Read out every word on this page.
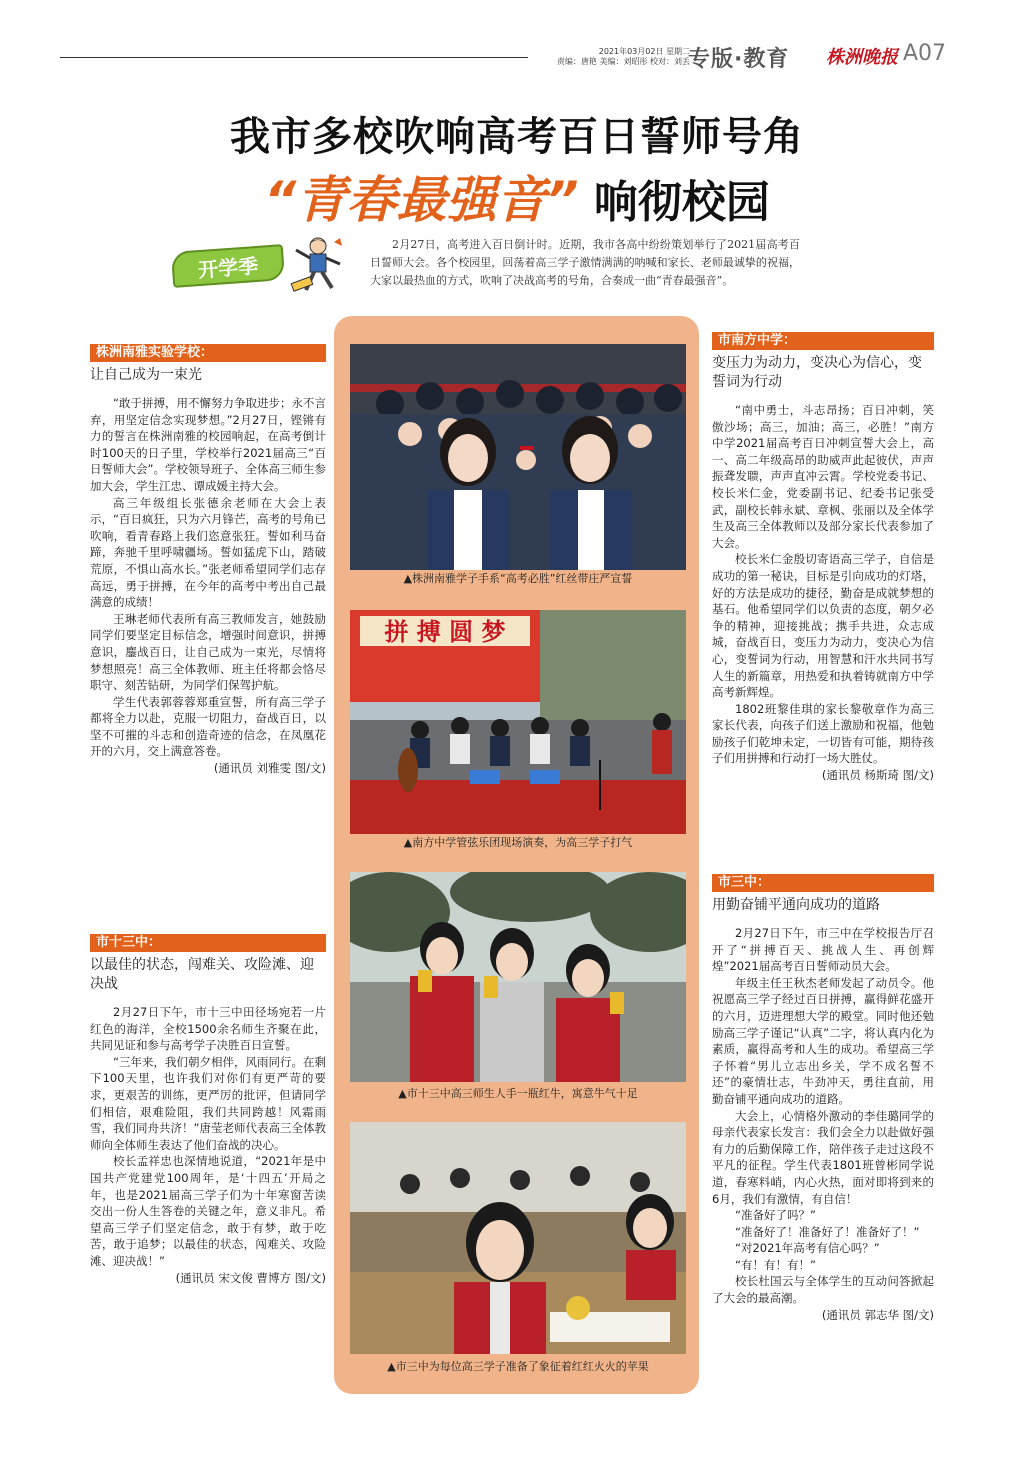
2021年03月02日 星期二
责编：唐艳 美编：刘昭彤 校对：刘丢
专版·教育 株洲晚报 A07
我市多校吹响高考百日誓师号角
“青春最强音” 响彻校园
开学季
2月27日，高考进入百日倒计时。近期，我市各高中纷纷策划举行了2021届高考百日誓师大会。各个校园里，回荡着高三学子激情满满的呐喊和家长、老师最诚挚的祝福，大家以最热血的方式，吹响了决战高考的号角，合奏成一曲“青春最强音”。
株洲南雅实验学校：
让自己成为一束光

“敢于拼搏，用不懈努力争取进步；永不言弃，用坚定信念实现梦想。”2月27日，铿锵有力的誓言在株洲南雅的校园响起，在高考倒计时100天的日子里，学校举行2021届高三“百日誓师大会”。学校领导班子、全体高三师生参加大会，学生江忠、谭成媛主持大会。

高三年级组长张德余老师在大会上表示，“百日疯狂，只为六月锋芒，高考的号角已吹响，看青春路上我们恣意张狂。誓如利马奋蹄，奔驰千里呼啸疆场。誓如猛虎下山，踏破荒原，不惧山高水长。”张老师希望同学们志存高远，勇于拼搏，在今年的高考中考出自己最满意的成绩！

王琳老师代表所有高三教师发言，她鼓励同学们要坚定目标信念，增强时间意识，拼搏意识，鏖战百日，让自己成为一束光，尽情将梦想照亮！高三全体教师、班主任将都会恪尽职守、刻苦钻研，为同学们保驾护航。

学生代表郭蓉蓉郑重宣誓，所有高三学子都将全力以赴，克服一切阻力，奋战百日，以坚不可摧的斗志和创造奇迹的信念，在凤凰花开的六月，交上满意答卷。

(通讯员 刘雅雯 图/文)

市十三中：
以最佳的状态，闯难关、攻险滩、迎决战

2月27日下午，市十三中田径场宛若一片红色的海洋，全校1500余名师生齐聚在此，共同见证和参与高考学子决胜百日宣誓。

“三年来，我们朝夕相伴，风雨同行。在剩下100天里，也许我们对你们有更严苛的要求，更艰苦的训练，更严厉的批评，但请同学们相信，艰难险阻，我们共同跨越！风霜雨雪，我们同舟共济！”唐莹老师代表高三全体教师向全体师生表达了他们奋战的决心。

校长孟祥忠也深情地说道，“2021年是中国共产党建党100周年，是‘十四五’开局之年，也是2021届高三学子们为十年寒窗苦读交出一份人生答卷的关键之年，意义非凡。希望高三学子们坚定信念，敢于有梦，敢于吃苦，敢于追梦；以最佳的状态，闯难关、攻险滩、迎决战！”

(通讯员 宋文俊 曹博方 图/文)

▲株洲南雅学子手系“高考必胜”红丝带庄严宣誓
拼 搏 圆 梦
▲南方中学管弦乐团现场演奏，为高三学子打气
▲市十三中高三师生人手一瓶红牛，寓意牛气十足
▲市三中为每位高三学子准备了象征着红红火火的苹果
市南方中学：
变压力为动力，变决心为信心，变誓词为行动

“南中勇士，斗志昂扬；百日冲刺，笑傲沙场；高三，加油；高三，必胜！”南方中学2021届高考百日冲刺宣誓大会上，高一、高二年级高昂的助威声此起彼伏，声声振聋发聩，声声直冲云霄。学校党委书记、校长米仁金，党委副书记、纪委书记张受武，副校长韩永斌、章枫、张丽以及全体学生及高三全体教师以及部分家长代表参加了大会。

校长米仁金殷切寄语高三学子，自信是成功的第一秘诀，目标是引向成功的灯塔，好的方法是成功的捷径，勤奋是成就梦想的基石。他希望同学们以负责的态度，朝夕必争的精神，迎接挑战；携手共进，众志成城，奋战百日，变压力为动力，变决心为信心，变誓词为行动，用智慧和汗水共同书写人生的新篇章，用热爱和执着铸就南方中学高考新辉煌。

1802班黎佳琪的家长黎敬章作为高三家长代表，向孩子们送上激励和祝福，他勉励孩子们乾坤未定，一切皆有可能，期待孩子们用拼搏和行动打一场大胜仗。

(通讯员 杨斯琦 图/文)

市三中：
用勤奋铺平通向成功的道路

2月27日下午，市三中在学校报告厅召开了“拼搏百天、挑战人生、再创辉煌”2021届高考百日誓师动员大会。

年级主任王秋杰老师发起了动员令。他祝愿高三学子经过百日拼搏，赢得鲜花盛开的六月，迈进理想大学的殿堂。同时他还勉励高三学子谨记“认真”二字，将认真内化为素质，赢得高考和人生的成功。希望高三学子怀着“男儿立志出乡关，学不成名誓不还”的豪情壮志，牛劲冲天，勇往直前，用勤奋铺平通向成功的道路。

大会上，心情格外激动的李佳璐同学的母亲代表家长发言：我们会全力以赴做好强有力的后勤保障工作，陪伴孩子走过这段不平凡的征程。学生代表1801班曾彬同学说道，春寒料峭，内心火热，面对即将到来的6月，我们有激情，有自信！

“准备好了吗？”

“准备好了！准备好了！准备好了！”

“对2021年高考有信心吗？”

“有！有！有！”

校长杜国云与全体学生的互动问答掀起了大会的最高潮。

(通讯员 郭志华 图/文)
